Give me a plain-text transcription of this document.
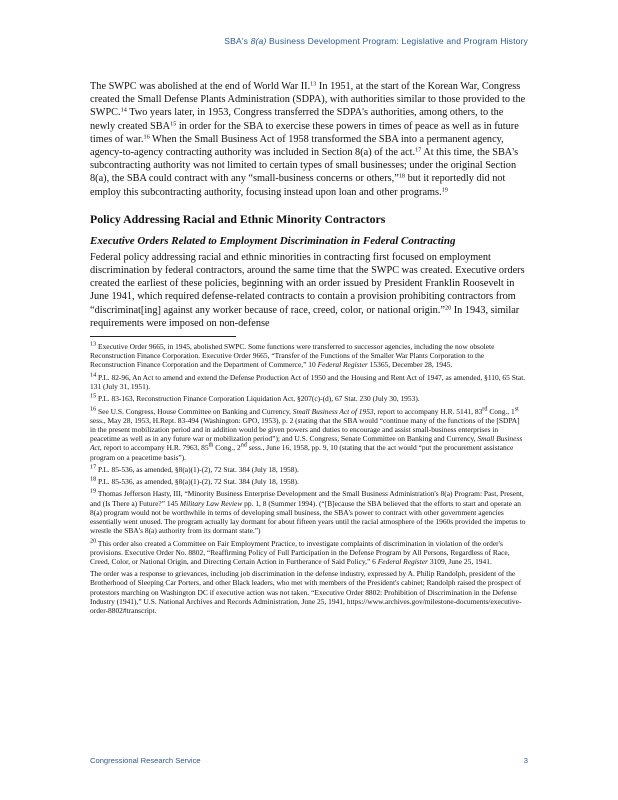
SBA's 8(a) Business Development Program: Legislative and Program History

The SWPC was abolished at the end of World War II.$^{13}$ In 1951, at the start of the Korean War, Congress created the Small Defense Plants Administration (SDPA), with authorities similar to those provided to the SWPC.$^{14}$ Two years later, in 1953, Congress transferred the SDPA's authorities, among others, to the newly created SBA$^{15}$ in order for the SBA to exercise these powers in times of peace as well as in future times of war.$^{16}$ When the Small Business Act of 1958 transformed the SBA into a permanent agency, agency-to-agency contracting authority was included in Section 8(a) of the act.$^{17}$ At this time, the SBA's subcontracting authority was not limited to certain types of small businesses; under the original Section 8(a), the SBA could contract with any “small-business concerns or others,”$^{18}$ but it reportedly did not employ this subcontracting authority, focusing instead upon loan and other programs.$^{19}$

Policy Addressing Racial and Ethnic Minority Contractors
Executive Orders Related to Employment Discrimination in Federal Contracting

Federal policy addressing racial and ethnic minorities in contracting first focused on employment discrimination by federal contractors, around the same time that the SWPC was created. Executive orders created the earliest of these policies, beginning with an order issued by President Franklin Roosevelt in June 1941, which required defense-related contracts to contain a provision prohibiting contractors from “discriminat[ing] against any worker because of race, creed, color, or national origin.”$^{20}$ In 1943, similar requirements were imposed on non-defense

$^{13}$ Executive Order 9665, in 1945, abolished SWPC. Some functions were transferred to successor agencies, including the now obsolete Reconstruction Finance Corporation. Executive Order 9665, “Transfer of the Functions of the Smaller War Plants Corporation to the Reconstruction Finance Corporation and the Department of Commerce,” 10 Federal Register 15365, December 28, 1945.
$^{14}$ P.L. 82-96, An Act to amend and extend the Defense Production Act of 1950 and the Housing and Rent Act of 1947, as amended, §110, 65 Stat. 131 (July 31, 1951).
$^{15}$ P.L. 83-163, Reconstruction Finance Corporation Liquidation Act, §207(c)-(d), 67 Stat. 230 (July 30, 1953).
$^{16}$ See U.S. Congress, House Committee on Banking and Currency, Small Business Act of 1953, report to accompany H.R. 5141, 83rd Cong., 1st sess., May 28, 1953, H.Rept. 83-494 (Washington: GPO, 1953), p. 2 (stating that the SBA would “continue many of the functions of the [SDPA] in the present mobilization period and in addition would be given powers and duties to encourage and assist small-business enterprises in peacetime as well as in any future war or mobilization period”); and U.S. Congress, Senate Committee on Banking and Currency, Small Business Act, report to accompany H.R. 7963, 85th Cong., 2nd sess., June 16, 1958, pp. 9, 10 (stating that the act would “put the procurement assistance program on a peacetime basis”).
$^{17}$ P.L. 85-536, as amended, §8(a)(1)-(2), 72 Stat. 384 (July 18, 1958).
$^{18}$ P.L. 85-536, as amended, §8(a)(1)-(2), 72 Stat. 384 (July 18, 1958).
$^{19}$ Thomas Jefferson Hasty, III, “Minority Business Enterprise Development and the Small Business Administration's 8(a) Program: Past, Present, and (Is There a) Future?” 145 Military Law Review pp. 1, 8 (Summer 1994). (“[B]ecause the SBA believed that the efforts to start and operate an 8(a) program would not be worthwhile in terms of developing small business, the SBA's power to contract with other government agencies essentially went unused. The program actually lay dormant for about fifteen years until the racial atmosphere of the 1960s provided the impetus to wrestle the SBA's 8(a) authority from its dormant state.”)
$^{20}$ This order also created a Committee on Fair Employment Practice, to investigate complaints of discrimination in violation of the order's provisions. Executive Order No. 8802, “Reaffirming Policy of Full Participation in the Defense Program by All Persons, Regardless of Race, Creed, Color, or National Origin, and Directing Certain Action in Furtherance of Said Policy,” 6 Federal Register 3109, June 25, 1941.
The order was a response to grievances, including job discrimination in the defense industry, expressed by A. Philip Randolph, president of the Brotherhood of Sleeping Car Porters, and other Black leaders, who met with members of the President's cabinet; Randolph raised the prospect of protestors marching on Washington DC if executive action was not taken. “Executive Order 8802: Prohibition of Discrimination in the Defense Industry (1941),” U.S. National Archives and Records Administration, June 25, 1941, https://www.archives.gov/milestone-documents/executive-order-8802#transcript.
Congressional Research Service	3
